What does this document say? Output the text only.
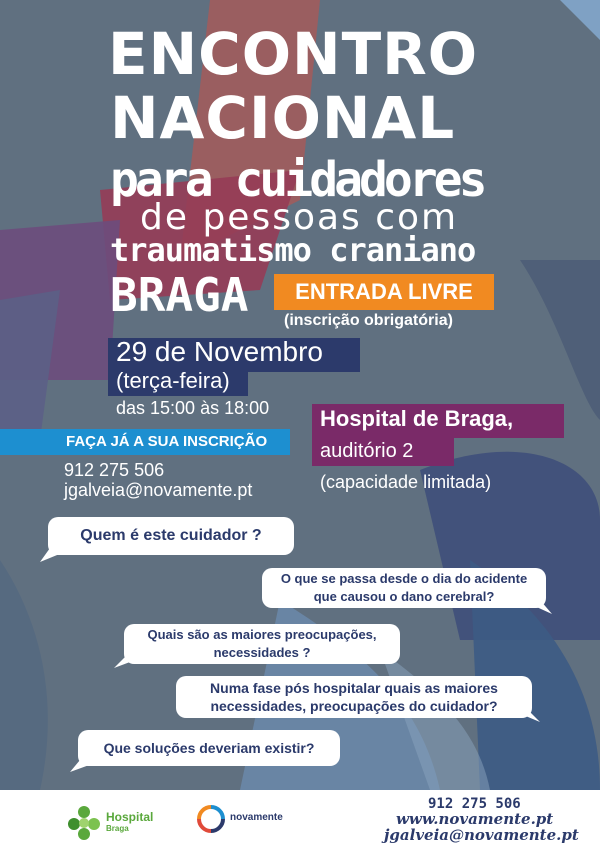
ENCONTRO
NACIONAL
para cuidadores
de pessoas com
traumatismo craniano
BRAGA	ENTRADA LIVRE
(inscrição obrigatória)
29 de Novembro
(terça-feira)
das 15:00 às 18:00
FAÇA JÁ A SUA INSCRIÇÃO
912 275 506
jgalveia@novamente.pt
Hospital de Braga,
auditório 2
(capacidade limitada)
Quem é este cuidador ?
O que se passa desde o dia do acidente
que causou o dano cerebral?
Quais são as maiores preocupações,
necessidades ?
Numa fase pós hospitalar quais as maiores
necessidades, preocupações do cuidador?
Que soluções deveriam existir?
Hospital
Braga
novamente
912 275 506
www.novamente.pt
jgalveia@novamente.pt
